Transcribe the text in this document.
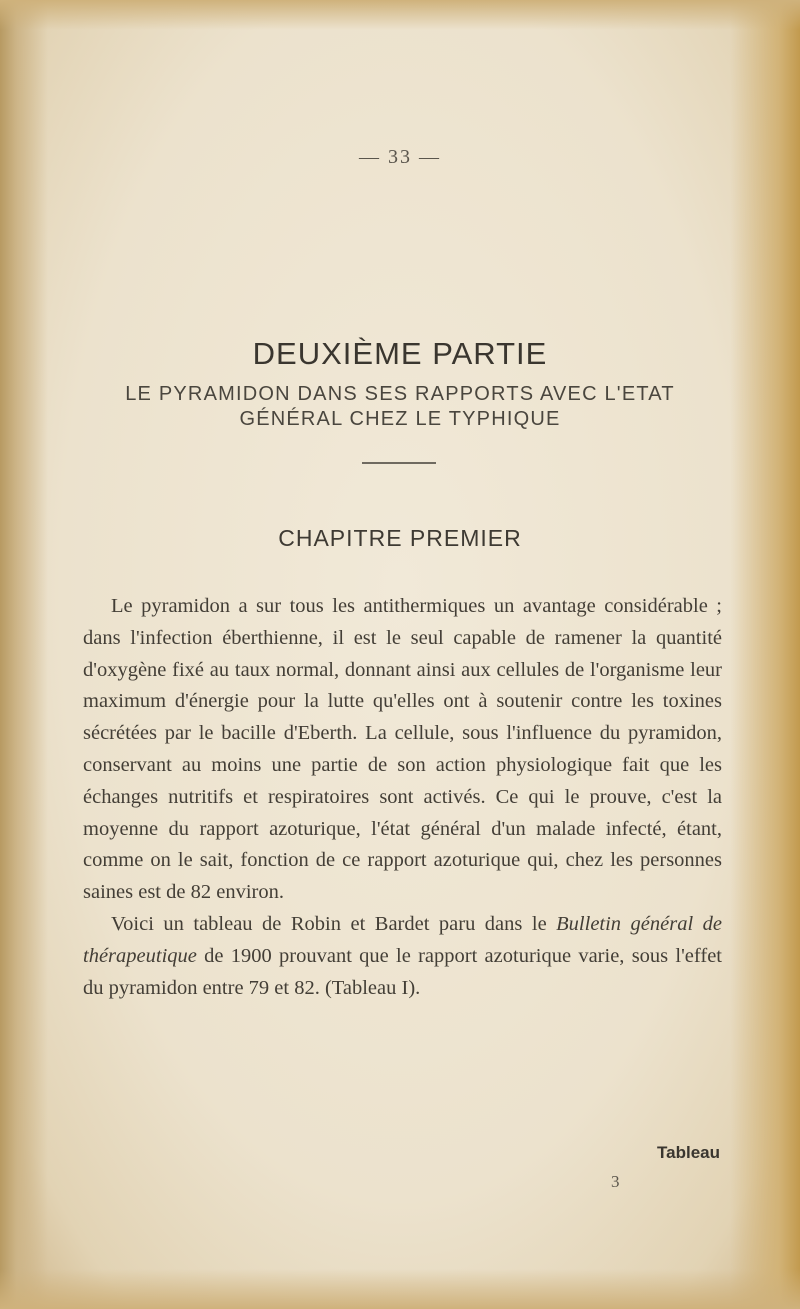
— 33 —
DEUXIÈME PARTIE
LE PYRAMIDON DANS SES RAPPORTS AVEC L'ETAT
GÉNÉRAL CHEZ LE TYPHIQUE
CHAPITRE PREMIER

Le pyramidon a sur tous les antithermiques un avantage considérable ; dans l'infection éberthienne, il est le seul capable de ramener la quantité d'oxygène fixé au taux normal, donnant ainsi aux cellules de l'organisme leur maximum d'énergie pour la lutte qu'elles ont à soutenir contre les toxines sécrétées par le bacille d'Eberth. La cellule, sous l'influence du pyramidon, conservant au moins une partie de son action physiologique fait que les échanges nutritifs et respiratoires sont activés. Ce qui le prouve, c'est la moyenne du rapport azoturique, l'état général d'un malade infecté, étant, comme on le sait, fonction de ce rapport azoturique qui, chez les personnes saines est de 82 environ.

Voici un tableau de Robin et Bardet paru dans le Bulletin général de thérapeutique de 1900 prouvant que le rapport azoturique varie, sous l'effet du pyramidon entre 79 et 82. (Tableau I).

Tableau
3
